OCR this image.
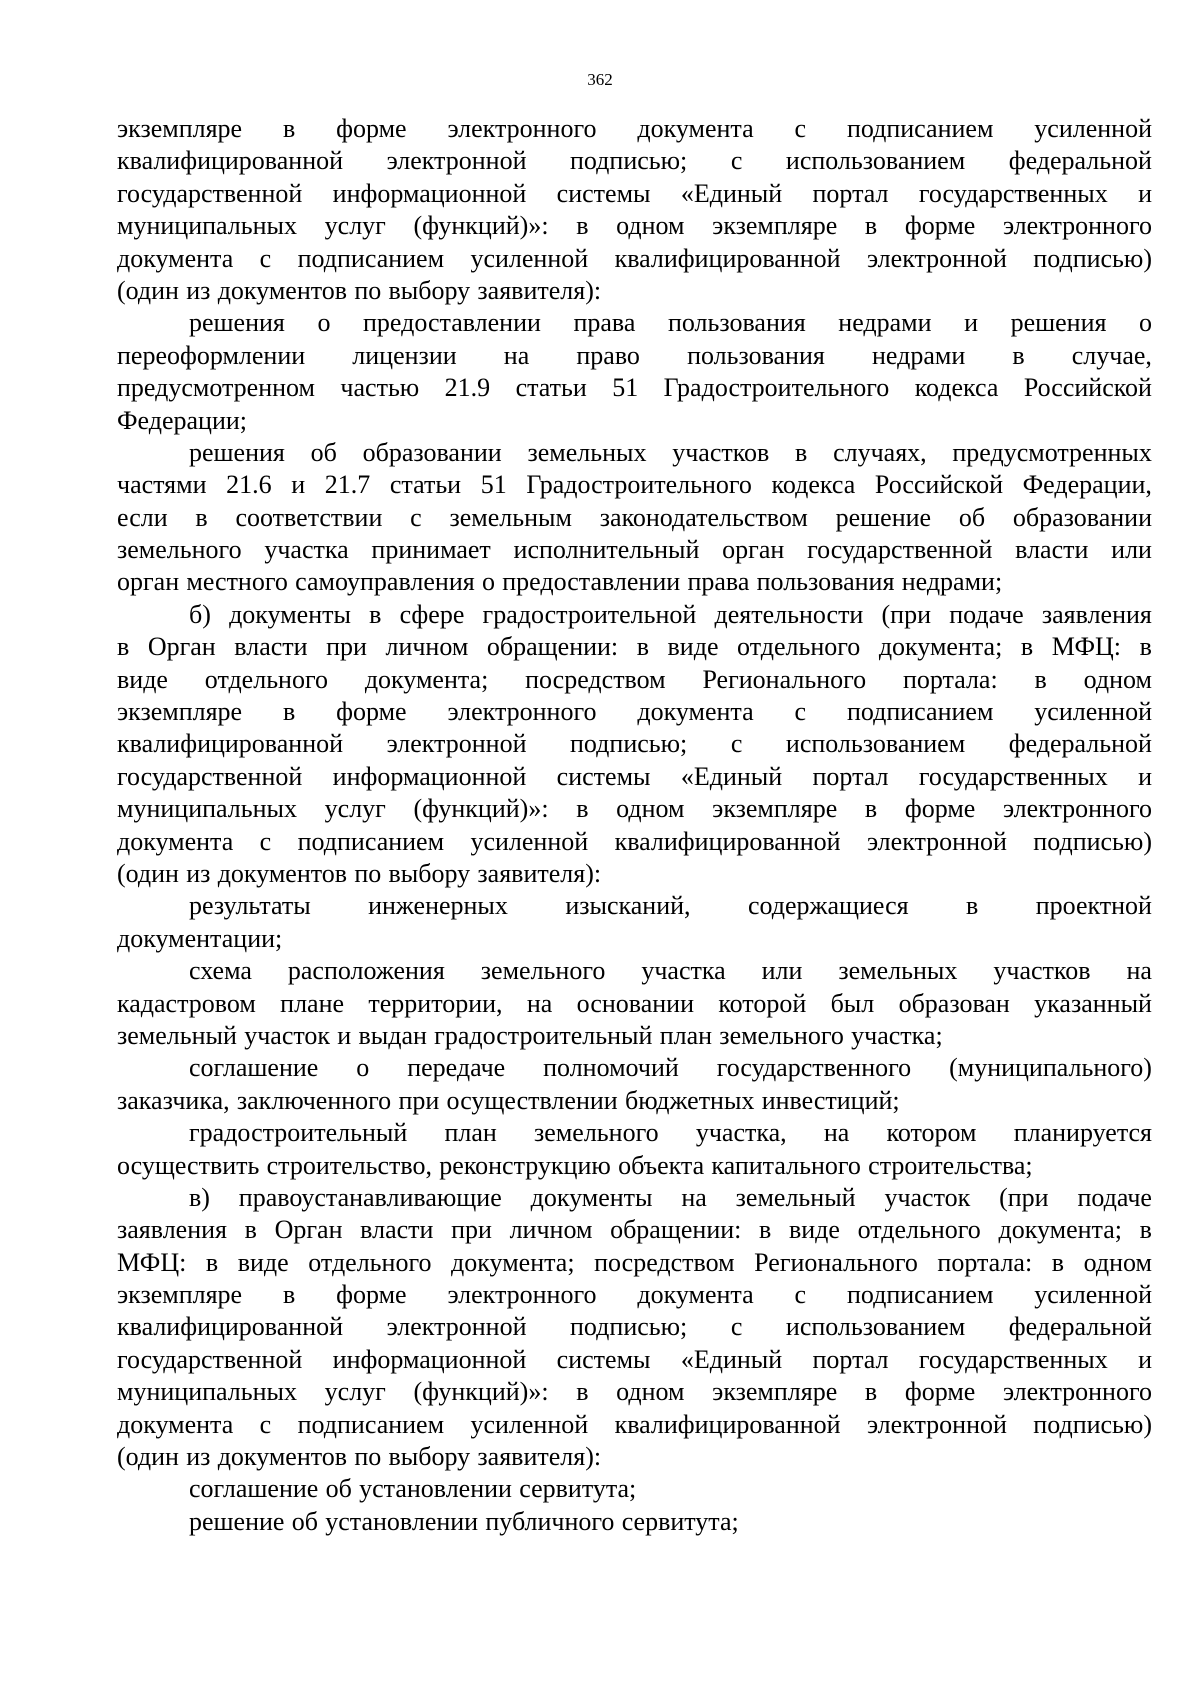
362
экземпляре в форме электронного документа с подписанием усиленной
квалифицированной электронной подписью; с использованием федеральной
государственной информационной системы «Единый портал государственных и
муниципальных услуг (функций)»: в одном экземпляре в форме электронного
документа с подписанием усиленной квалифицированной электронной подписью)
(один из документов по выбору заявителя):
решения о предоставлении права пользования недрами и решения о
переоформлении лицензии на право пользования недрами в случае,
предусмотренном частью 21.9 статьи 51 Градостроительного кодекса Российской
Федерации;
решения об образовании земельных участков в случаях, предусмотренных
частями 21.6 и 21.7 статьи 51 Градостроительного кодекса Российской Федерации,
если в соответствии с земельным законодательством решение об образовании
земельного участка принимает исполнительный орган государственной власти или
орган местного самоуправления о предоставлении права пользования недрами;
б) документы в сфере градостроительной деятельности (при подаче заявления
в Орган власти при личном обращении: в виде отдельного документа; в МФЦ: в
виде отдельного документа; посредством Регионального портала: в одном
экземпляре в форме электронного документа с подписанием усиленной
квалифицированной электронной подписью; с использованием федеральной
государственной информационной системы «Единый портал государственных и
муниципальных услуг (функций)»: в одном экземпляре в форме электронного
документа с подписанием усиленной квалифицированной электронной подписью)
(один из документов по выбору заявителя):
результаты инженерных изысканий, содержащиеся в проектной
документации;
схема расположения земельного участка или земельных участков на
кадастровом плане территории, на основании которой был образован указанный
земельный участок и выдан градостроительный план земельного участка;
соглашение о передаче полномочий государственного (муниципального)
заказчика, заключенного при осуществлении бюджетных инвестиций;
градостроительный план земельного участка, на котором планируется
осуществить строительство, реконструкцию объекта капитального строительства;
в) правоустанавливающие документы на земельный участок (при подаче
заявления в Орган власти при личном обращении: в виде отдельного документа; в
МФЦ: в виде отдельного документа; посредством Регионального портала: в одном
экземпляре в форме электронного документа с подписанием усиленной
квалифицированной электронной подписью; с использованием федеральной
государственной информационной системы «Единый портал государственных и
муниципальных услуг (функций)»: в одном экземпляре в форме электронного
документа с подписанием усиленной квалифицированной электронной подписью)
(один из документов по выбору заявителя):
соглашение об установлении сервитута;
решение об установлении публичного сервитута;
